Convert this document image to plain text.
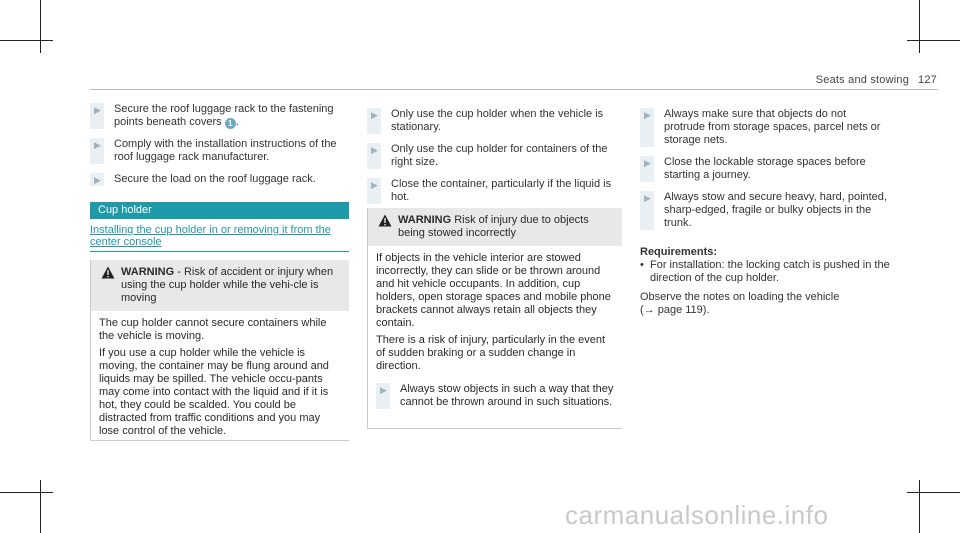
Seats and stowing 127
▶ Secure the roof luggage rack to the fastening points beneath covers 1 .
▶ Comply with the installation instructions of the roof luggage rack manufacturer.
▶ Secure the load on the roof luggage rack.
Cup holder
Installing the cup holder in or removing it from the center console
WARNING - Risk of accident or injury when using the cup holder while the vehi-cle is moving

The cup holder cannot secure containers while the vehicle is moving.

If you use a cup holder while the vehicle is moving, the container may be flung around and liquids may be spilled. The vehicle occu-pants may come into contact with the liquid and if it is hot, they could be scalded. You could be distracted from traffic conditions and you may lose control of the vehicle.

▶ Only use the cup holder when the vehicle is stationary.
▶ Only use the cup holder for containers of the right size.
▶ Close the container, particularly if the liquid is hot.
WARNING Risk of injury due to objects being stowed incorrectly

If objects in the vehicle interior are stowed incorrectly, they can slide or be thrown around and hit vehicle occupants. In addition, cup holders, open storage spaces and mobile phone brackets cannot always retain all objects they contain.

There is a risk of injury, particularly in the event of sudden braking or a sudden change in direction.

▶ Always stow objects in such a way that they cannot be thrown around in such situations.
▶ Always make sure that objects do not protrude from storage spaces, parcel nets or storage nets.
▶ Close the lockable storage spaces before starting a journey.
▶ Always stow and secure heavy, hard, pointed, sharp-edged, fragile or bulky objects in the trunk.
Requirements:
• For installation: the locking catch is pushed in the direction of the cup holder.
Observe the notes on loading the vehicle
(→ page 119).
carmanualsonline.info
